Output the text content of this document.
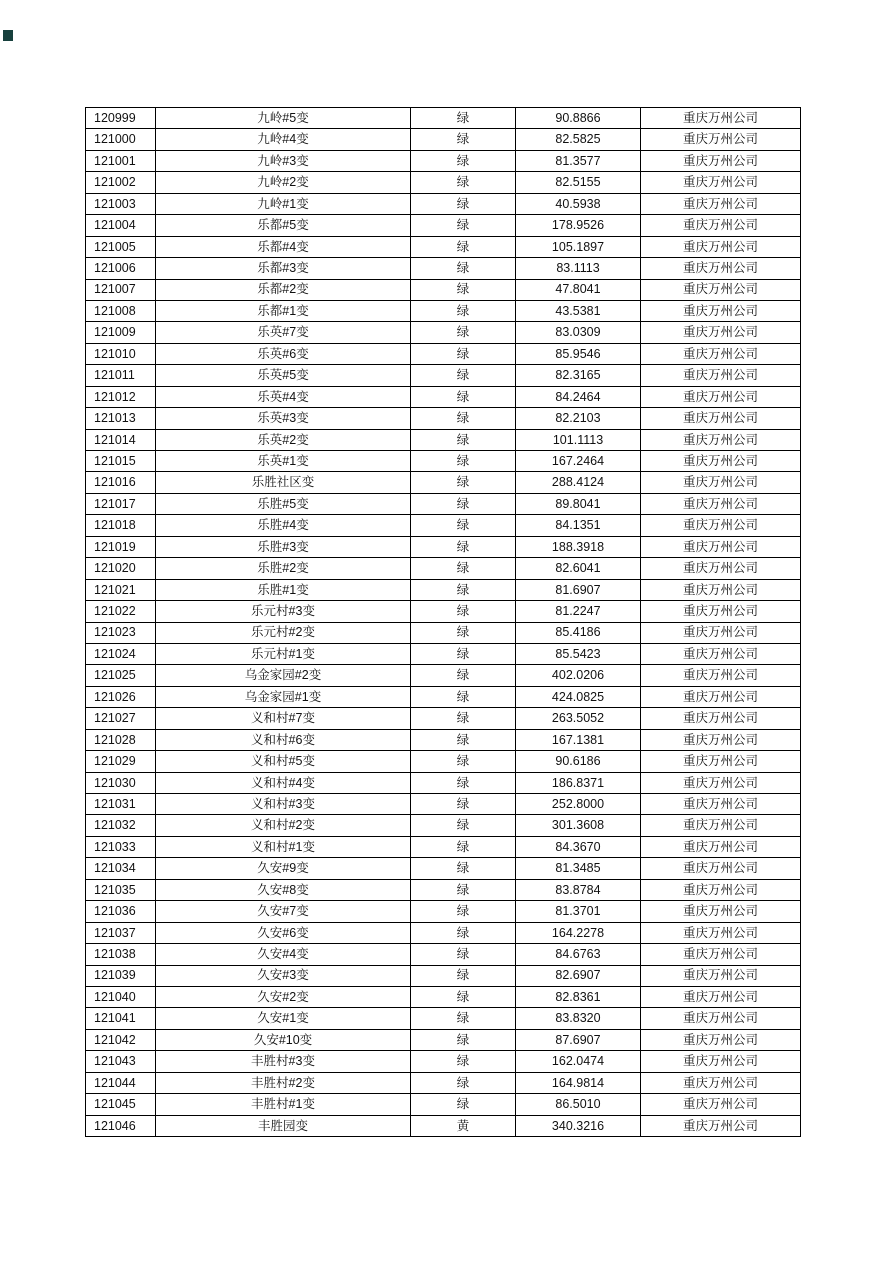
120999	九岭#5变	绿	90.8866	重庆万州公司
121000	九岭#4变	绿	82.5825	重庆万州公司
121001	九岭#3变	绿	81.3577	重庆万州公司
121002	九岭#2变	绿	82.5155	重庆万州公司
121003	九岭#1变	绿	40.5938	重庆万州公司
121004	乐都#5变	绿	178.9526	重庆万州公司
121005	乐都#4变	绿	105.1897	重庆万州公司
121006	乐都#3变	绿	83.1113	重庆万州公司
121007	乐都#2变	绿	47.8041	重庆万州公司
121008	乐都#1变	绿	43.5381	重庆万州公司
121009	乐英#7变	绿	83.0309	重庆万州公司
121010	乐英#6变	绿	85.9546	重庆万州公司
121011	乐英#5变	绿	82.3165	重庆万州公司
121012	乐英#4变	绿	84.2464	重庆万州公司
121013	乐英#3变	绿	82.2103	重庆万州公司
121014	乐英#2变	绿	101.1113	重庆万州公司
121015	乐英#1变	绿	167.2464	重庆万州公司
121016	乐胜社区变	绿	288.4124	重庆万州公司
121017	乐胜#5变	绿	89.8041	重庆万州公司
121018	乐胜#4变	绿	84.1351	重庆万州公司
121019	乐胜#3变	绿	188.3918	重庆万州公司
121020	乐胜#2变	绿	82.6041	重庆万州公司
121021	乐胜#1变	绿	81.6907	重庆万州公司
121022	乐元村#3变	绿	81.2247	重庆万州公司
121023	乐元村#2变	绿	85.4186	重庆万州公司
121024	乐元村#1变	绿	85.5423	重庆万州公司
121025	乌金家园#2变	绿	402.0206	重庆万州公司
121026	乌金家园#1变	绿	424.0825	重庆万州公司
121027	义和村#7变	绿	263.5052	重庆万州公司
121028	义和村#6变	绿	167.1381	重庆万州公司
121029	义和村#5变	绿	90.6186	重庆万州公司
121030	义和村#4变	绿	186.8371	重庆万州公司
121031	义和村#3变	绿	252.8000	重庆万州公司
121032	义和村#2变	绿	301.3608	重庆万州公司
121033	义和村#1变	绿	84.3670	重庆万州公司
121034	久安#9变	绿	81.3485	重庆万州公司
121035	久安#8变	绿	83.8784	重庆万州公司
121036	久安#7变	绿	81.3701	重庆万州公司
121037	久安#6变	绿	164.2278	重庆万州公司
121038	久安#4变	绿	84.6763	重庆万州公司
121039	久安#3变	绿	82.6907	重庆万州公司
121040	久安#2变	绿	82.8361	重庆万州公司
121041	久安#1变	绿	83.8320	重庆万州公司
121042	久安#10变	绿	87.6907	重庆万州公司
121043	丰胜村#3变	绿	162.0474	重庆万州公司
121044	丰胜村#2变	绿	164.9814	重庆万州公司
121045	丰胜村#1变	绿	86.5010	重庆万州公司
121046	丰胜园变	黄	340.3216	重庆万州公司
